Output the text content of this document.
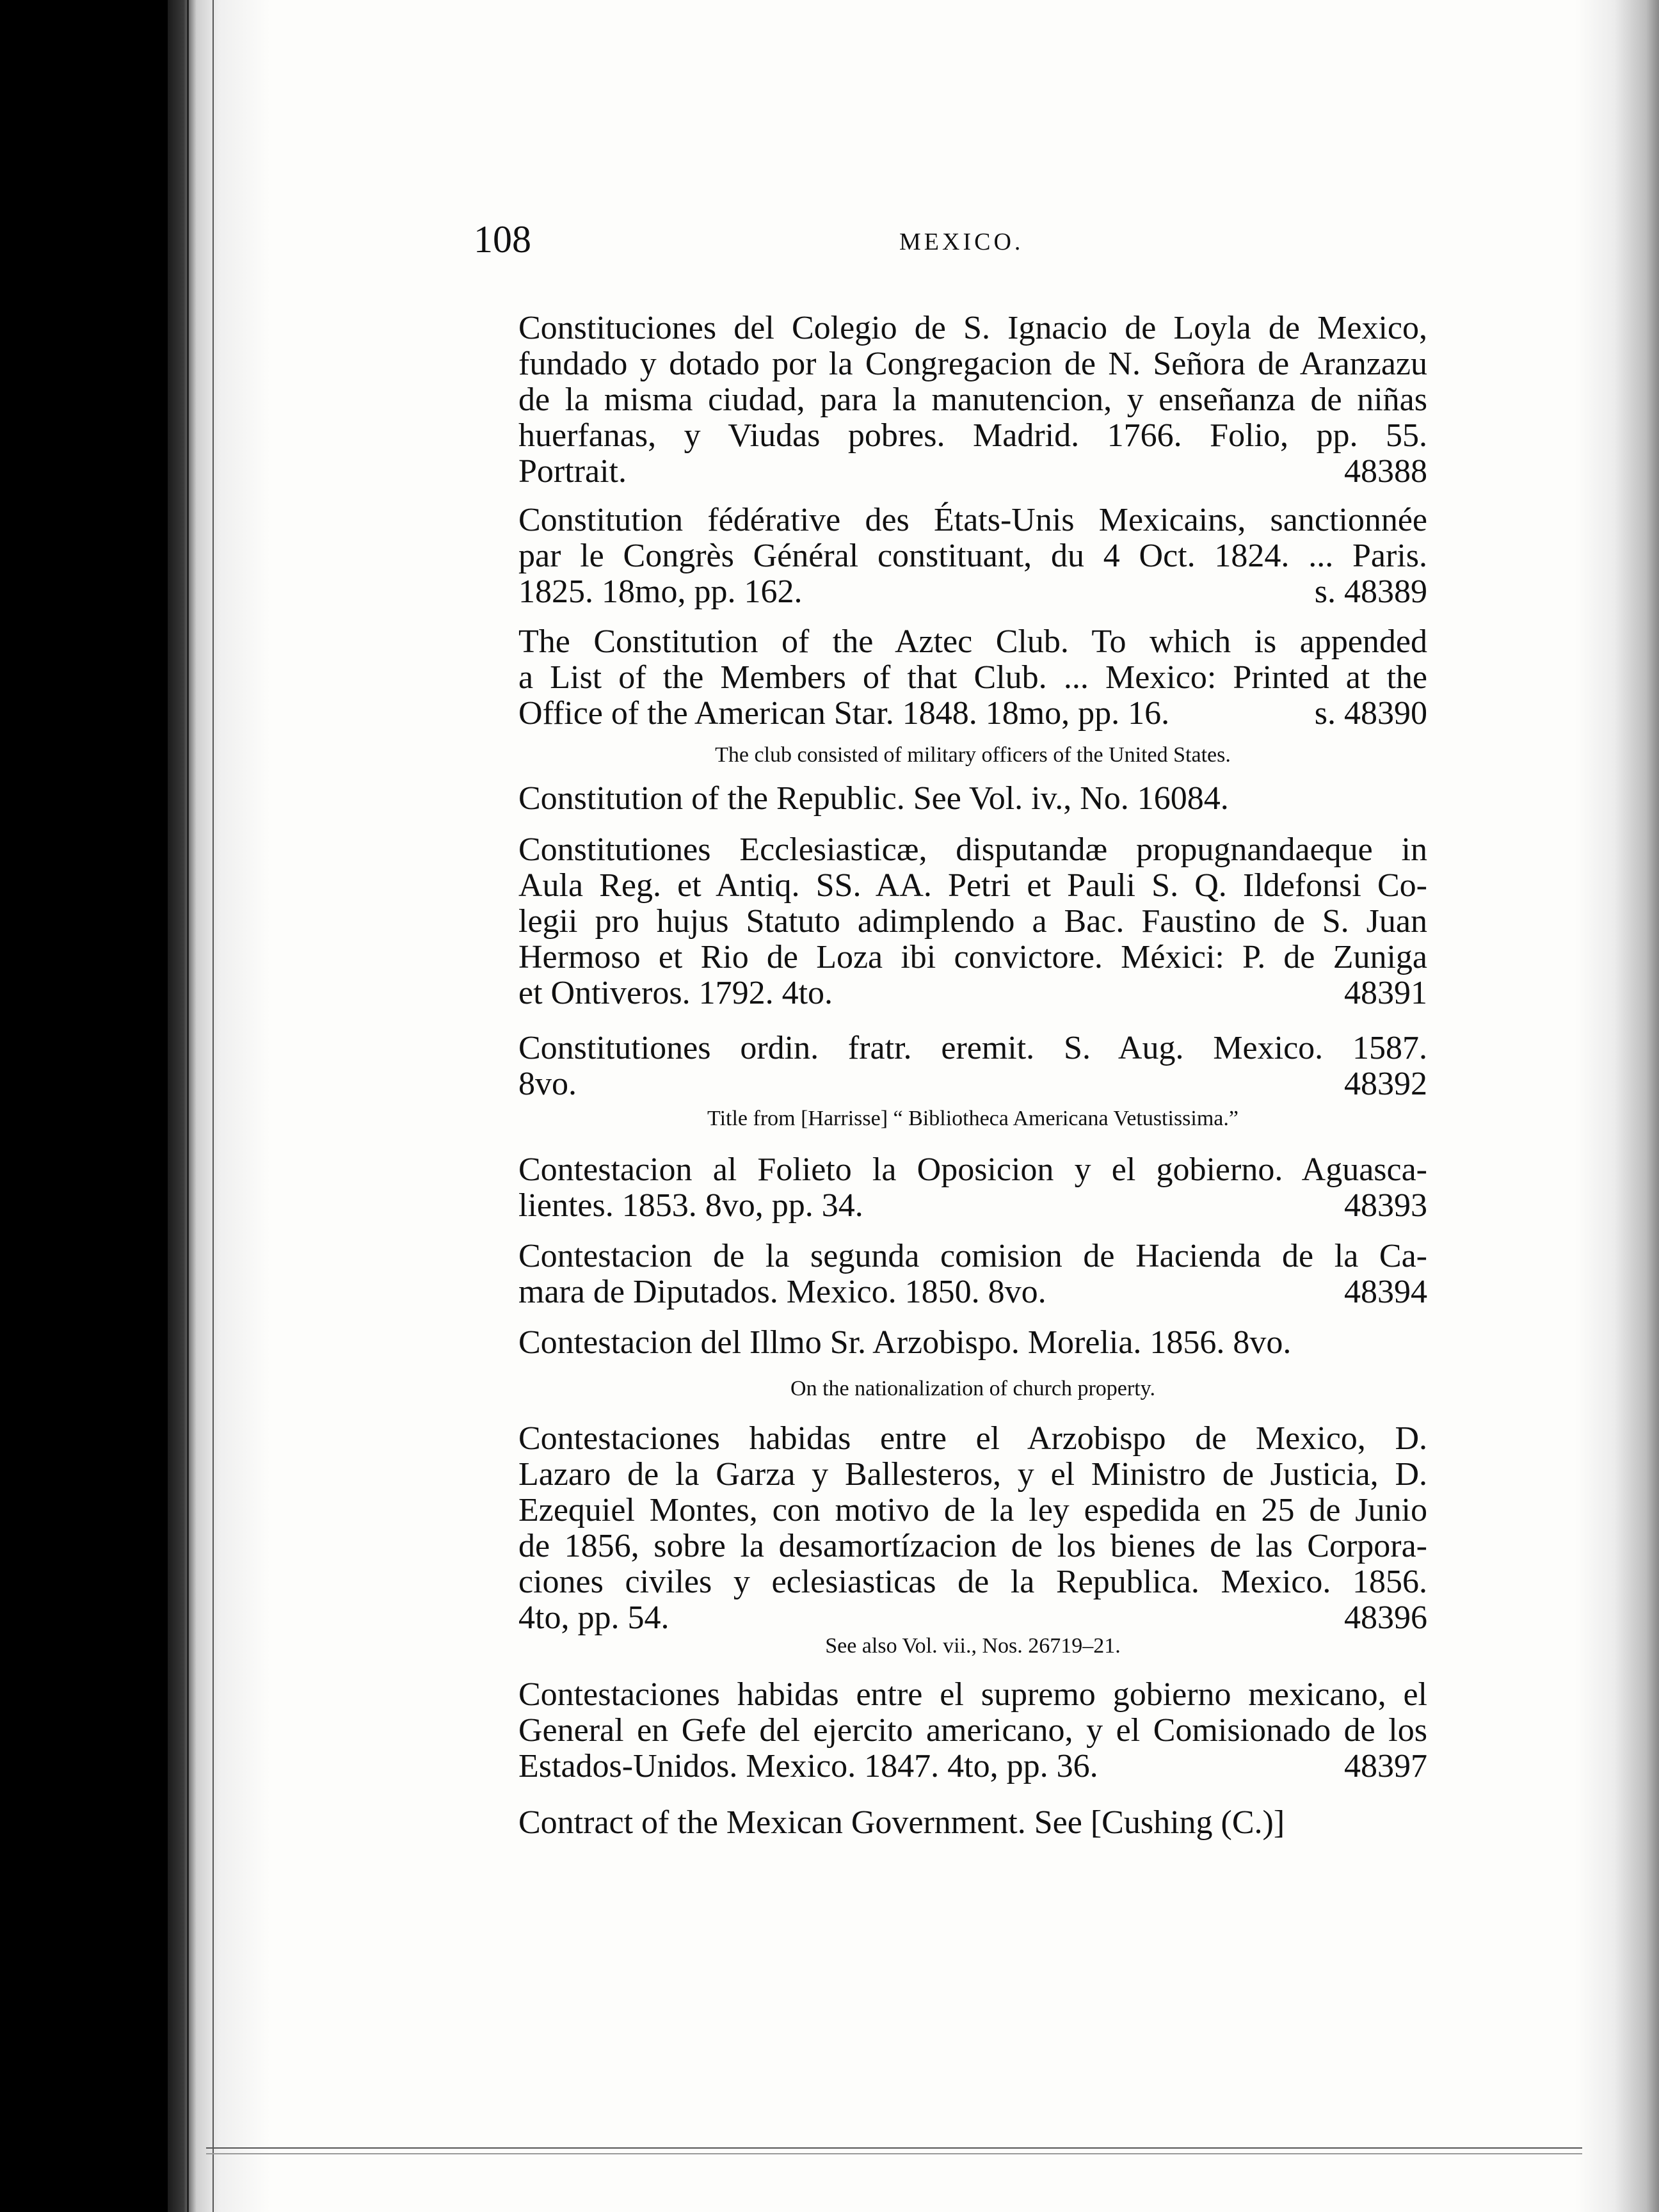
108	MEXICO.
Constituciones del Colegio de S. Ignacio de Loyla de Mexico,
fundado y dotado por la Congregacion de N. Señora de Aranzazu
de la misma ciudad, para la manutencion, y enseñanza de niñas
huerfanas, y Viudas pobres. Madrid. 1766. Folio, pp. 55.
Portrait.	48388
Constitution fédérative des États-Unis Mexicains, sanctionnée
par le Congrès Général constituant, du 4 Oct. 1824. ... Paris.
1825. 18mo, pp. 162.	s. 48389
The Constitution of the Aztec Club. To which is appended
a List of the Members of that Club. ... Mexico: Printed at the
Office of the American Star. 1848. 18mo, pp. 16.	s. 48390
The club consisted of military officers of the United States.
Constitution of the Republic. See Vol. iv., No. 16084.
Constitutiones Ecclesiasticæ, disputandæ propugnandaeque in
Aula Reg. et Antiq. SS. AA. Petri et Pauli S. Q. Ildefonsi Co-
legii pro hujus Statuto adimplendo a Bac. Faustino de S. Juan
Hermoso et Rio de Loza ibi convictore. Méxici: P. de Zuniga
et Ontiveros. 1792. 4to.	48391
Constitutiones ordin. fratr. eremit. S. Aug. Mexico. 1587.
8vo.	48392
Title from [Harrisse] “ Bibliotheca Americana Vetustissima.”
Contestacion al Folieto la Oposicion y el gobierno. Aguasca-
lientes. 1853. 8vo, pp. 34.	48393
Contestacion de la segunda comision de Hacienda de la Ca-
mara de Diputados. Mexico. 1850. 8vo.	48394
Contestacion del Illmo Sr. Arzobispo. Morelia. 1856. 8vo.
On the nationalization of church property.
Contestaciones habidas entre el Arzobispo de Mexico, D.
Lazaro de la Garza y Ballesteros, y el Ministro de Justicia, D.
Ezequiel Montes, con motivo de la ley espedida en 25 de Junio
de 1856, sobre la desamortízacion de los bienes de las Corpora-
ciones civiles y eclesiasticas de la Republica. Mexico. 1856.
4to, pp. 54.	48396
See also Vol. vii., Nos. 26719–21.
Contestaciones habidas entre el supremo gobierno mexicano, el
General en Gefe del ejercito americano, y el Comisionado de los
Estados-Unidos. Mexico. 1847. 4to, pp. 36.	48397
Contract of the Mexican Government. See [Cushing (C.)]
